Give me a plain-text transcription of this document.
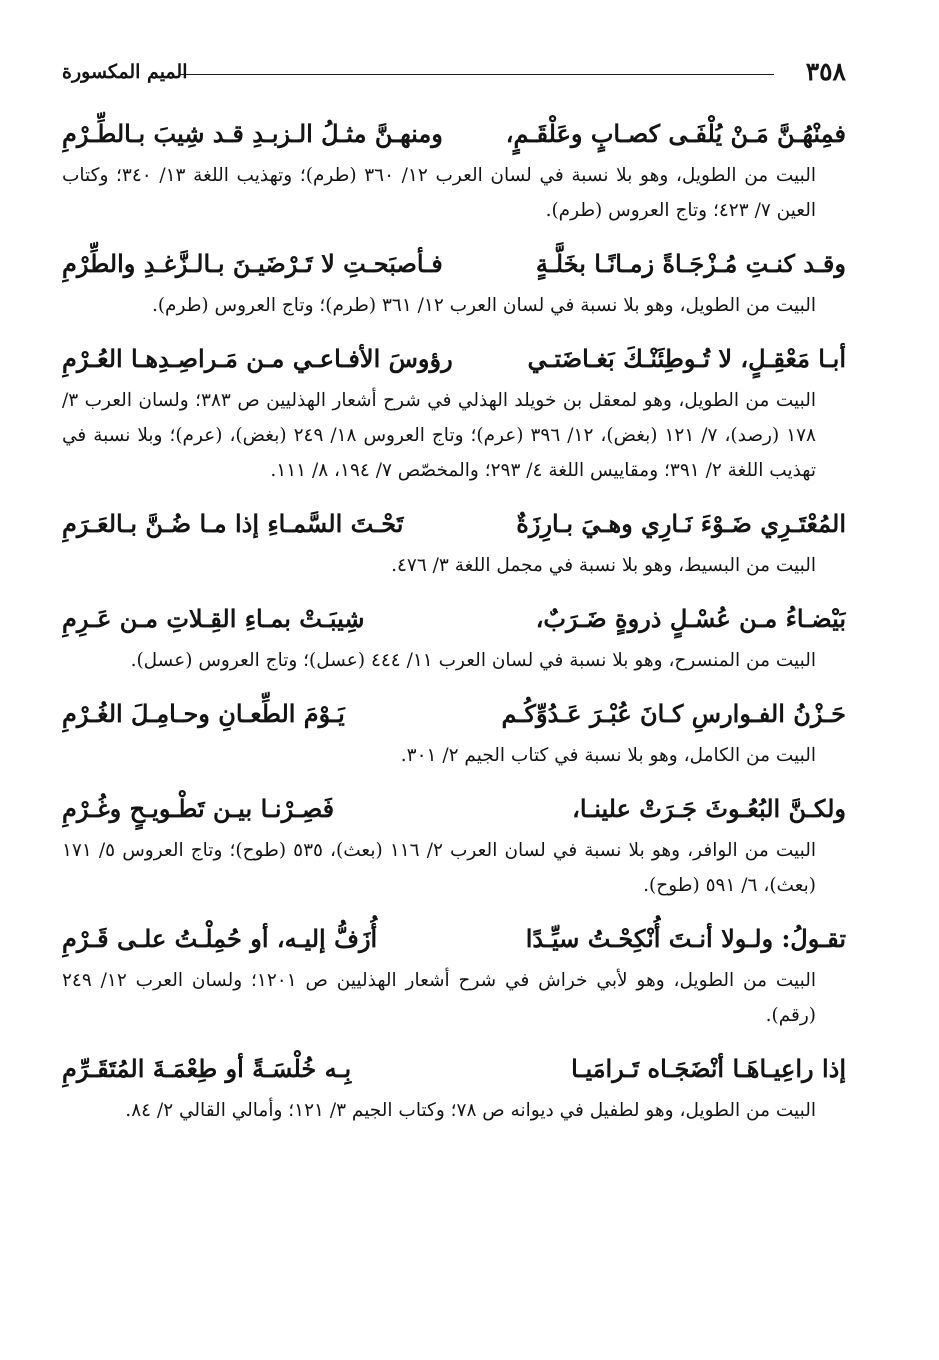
٣٥٨
الميم المكسورة
فمِنْهُـنَّ مَـنْ يُلْفَـى كصـابٍ وعَلْقَـمٍ،
ومنهـنَّ مثـلُ الـزبـدِ قـد شِيبَ بـالطِّـرْمِ
البيت من الطويل، وهو بلا نسبة في لسان العرب ١٢/ ٣٦٠ (طرم)؛ وتهذيب اللغة ١٣/ ٣٤٠؛ وكتاب العين ٧/ ٤٢٣؛ وتاج العروس (طرم).
وقـد كنـتِ مُـزْجَـاةً زمـانًـا بخَلَّـةٍ
فـأصبَحـتِ لا تَـرْضَيـنَ بـالـزَّغـدِ والطِّرْمِ
البيت من الطويل، وهو بلا نسبة في لسان العرب ١٢/ ٣٦١ (طرم)؛ وتاج العروس (طرم).
أبـا مَعْقِـلٍ، لا تُـوطِئَنْـكَ بَغـاضَتـي
رؤوسَ الأفـاعـي مـن مَـراصِـدِهـا العُـرْمِ
البيت من الطويل، وهو لمعقل بن خويلد الهذلي في شرح أشعار الهذليين ص ٣٨٣؛ ولسان العرب ٣/ ١٧٨ (رصد)، ٧/ ١٢١ (بغض)، ١٢/ ٣٩٦ (عرم)؛ وتاج العروس ١٨/ ٢٤٩ (بغض)، (عرم)؛ وبلا نسبة في تهذيب اللغة ٢/ ٣٩١؛ ومقاييس اللغة ٤/ ٢٩٣؛ والمخصّص ٧/ ١٩٤، ٨/ ١١١.
المُعْتَـرِي ضَـوْءَ نَـارِي وهـيَ بـارِزَةٌ
تَحْـتَ السَّمـاءِ إذا مـا ضُـنَّ بـالعَـرَمِ
البيت من البسيط، وهو بلا نسبة في مجمل اللغة ٣/ ٤٧٦.
بَيْضـاءُ مـن عُسْـلٍ ذروةٍ ضَـرَبٌ،
شِيبَـتْ بمـاءِ القِـلاتِ مـن عَـرِمِ
البيت من المنسرح، وهو بلا نسبة في لسان العرب ١١/ ٤٤٤ (عسل)؛ وتاج العروس (عسل).
حَـزْنُ الفـوارسِ كـانَ عُبْـرَ عَـدُوِّكُـم
يَـوْمَ الطِّعـانِ وحـامِـلَ الغُـرْمِ
البيت من الكامل، وهو بلا نسبة في كتاب الجيم ٢/ ٣٠١.
ولكـنَّ البُعُـوثَ جَـرَتْ علينـا،
فَصِـرْنـا بيـن تَطْـويـحٍ وغُـرْمِ
البيت من الوافر، وهو بلا نسبة في لسان العرب ٢/ ١١٦ (بعث)، ٥٣٥ (طوح)؛ وتاج العروس ٥/ ١٧١ (بعث)، ٦/ ٥٩١ (طوح).
تقـولُ: ولـولا أنـتَ أُنْكِحْـتُ سيِّـدًا
أُزَفُّ إليـه، أو حُمِلْـتُ علـى قَـرْمِ
البيت من الطويل، وهو لأبي خراش في شرح أشعار الهذليين ص ١٢٠١؛ ولسان العرب ١٢/ ٢٤٩ (رقم).
إذا راعِيـاهَـا أنْضَجَـاه تَـرامَيـا
بِـه خُلْسَـةً أو طِعْمَـةَ المُتَقَـرِّمِ
البيت من الطويل، وهو لطفيل في ديوانه ص ٧٨؛ وكتاب الجيم ٣/ ١٢١؛ وأمالي القالي ٢/ ٨٤.
